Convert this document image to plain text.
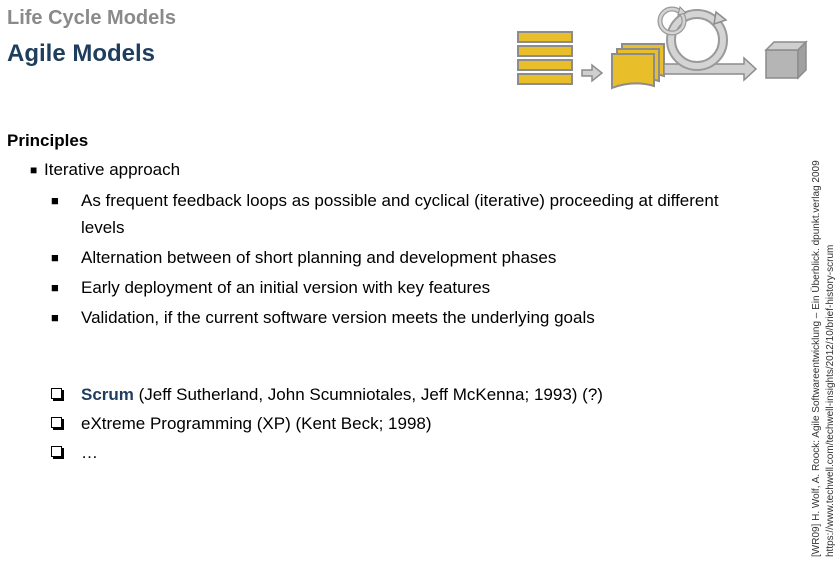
Life Cycle Models
Agile Models
Principles
■ Iterative approach
■ As frequent feedback loops as possible and cyclical (iterative) proceeding at different levels
■ Alternation between of short planning and development phases
■ Early deployment of an initial version with key features
■ Validation, if the current software version meets the underlying goals
Scrum (Jeff Sutherland, John Scumniotales, Jeff McKenna; 1993) (?)
eXtreme Programming (XP) (Kent Beck; 1998)
…	[WR09] H. Wolf, A. Roock: Agile Softwareentwicklung – Ein Überblick. dpunkt.verlag 2009 https://www.techwell.com/techwell-insights/2012/10/brief-history-scrum
